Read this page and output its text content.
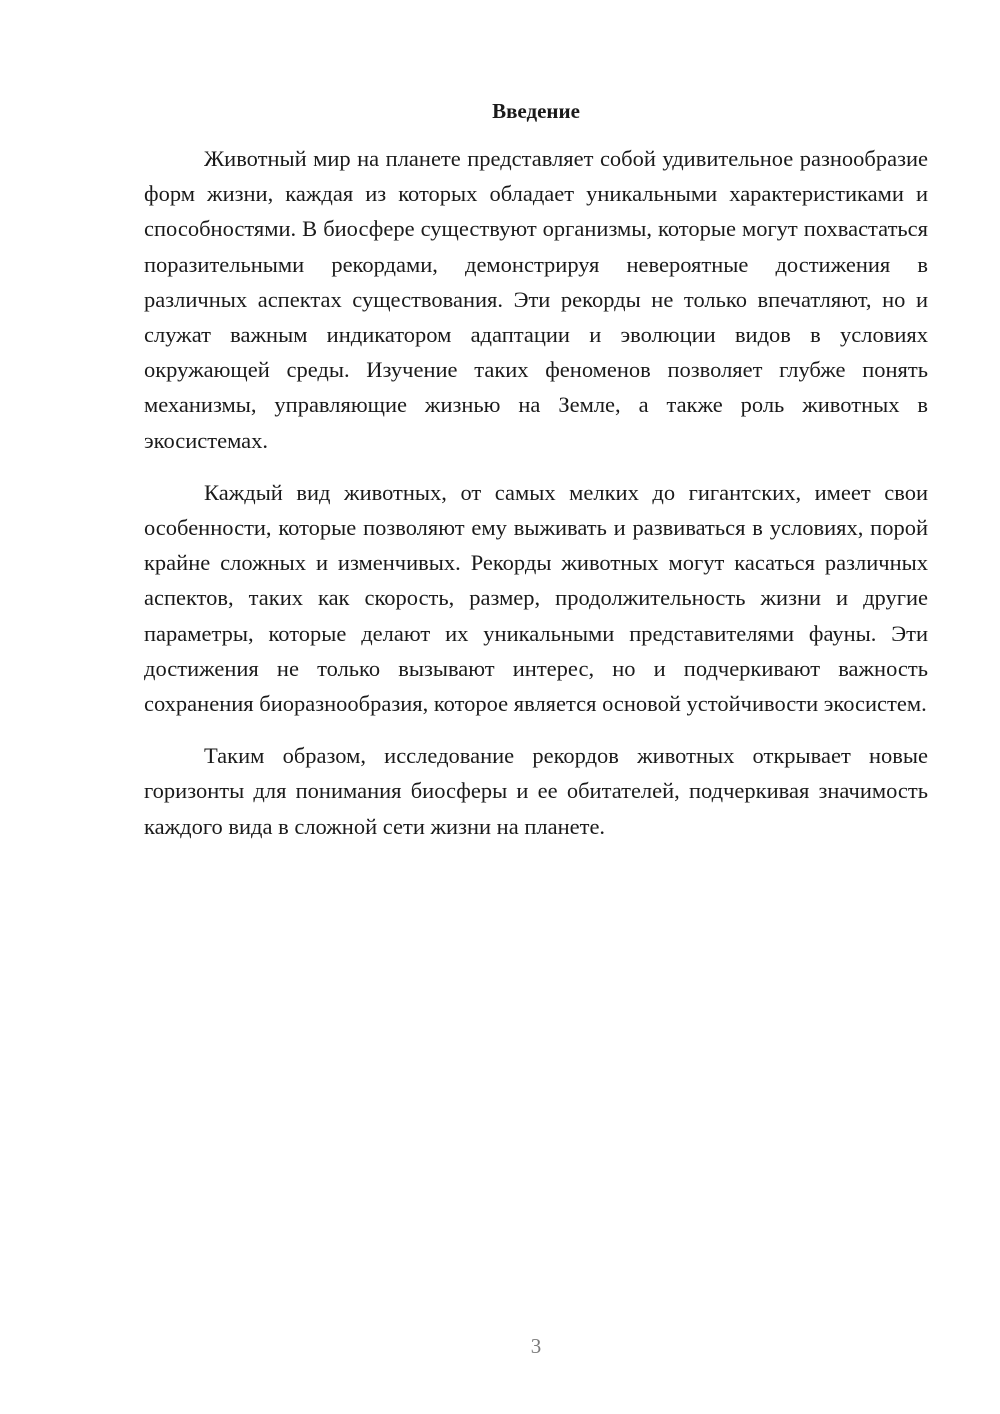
Введение

Животный мир на планете представляет собой удивительное разнообразие форм жизни, каждая из которых обладает уникальными характеристиками и способностями. В биосфере существуют организмы, которые могут похвастаться поразительными рекордами, демонстрируя невероятные достижения в различных аспектах существования. Эти рекорды не только впечатляют, но и служат важным индикатором адаптации и эволюции видов в условиях окружающей среды. Изучение таких феноменов позволяет глубже понять механизмы, управляющие жизнью на Земле, а также роль животных в экосистемах.

Каждый вид животных, от самых мелких до гигантских, имеет свои особенности, которые позволяют ему выживать и развиваться в условиях, порой крайне сложных и изменчивых. Рекорды животных могут касаться различных аспектов, таких как скорость, размер, продолжительность жизни и другие параметры, которые делают их уникальными представителями фауны. Эти достижения не только вызывают интерес, но и подчеркивают важность сохранения биоразнообразия, которое является основой устойчивости экосистем.

Таким образом, исследование рекордов животных открывает новые горизонты для понимания биосферы и ее обитателей, подчеркивая значимость каждого вида в сложной сети жизни на планете.

3
